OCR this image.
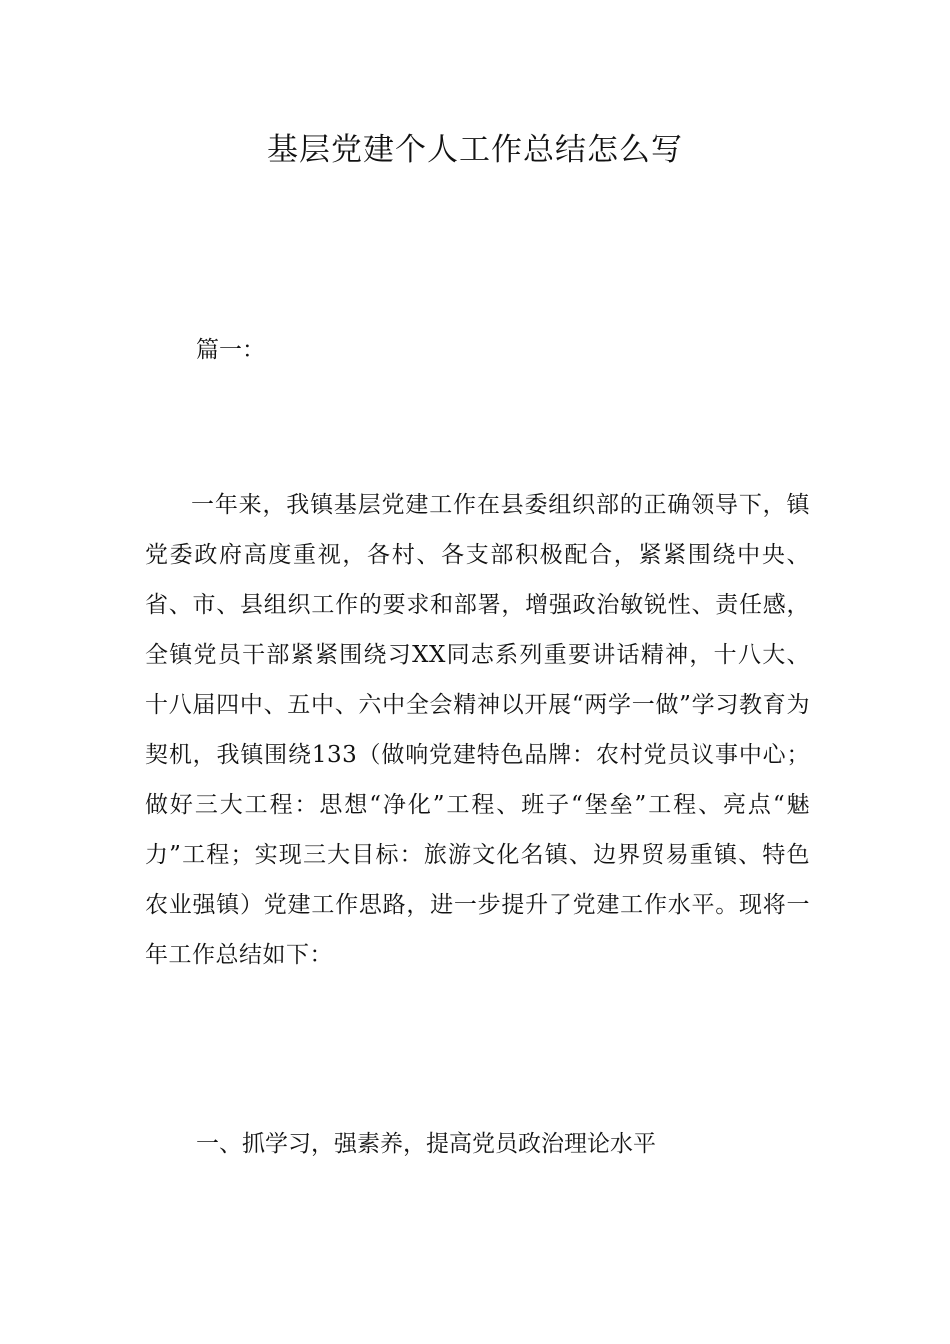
基层党建个人工作总结怎么写

篇一：

一年来，我镇基层党建工作在县委组织部的正确领导下，镇党委政府高度重视，各村、各支部积极配合，紧紧围绕中央、省、市、县组织工作的要求和部署，增强政治敏锐性、责任感，全镇党员干部紧紧围绕习XX同志系列重要讲话精神，十八大、十八届四中、五中、六中全会精神以开展“两学一做”学习教育为契机，我镇围绕133（做响党建特色品牌：农村党员议事中心；做好三大工程：思想“净化”工程、班子“堡垒”工程、亮点“魅力”工程；实现三大目标：旅游文化名镇、边界贸易重镇、特色农业强镇）党建工作思路，进一步提升了党建工作水平。现将一年工作总结如下：

一、抓学习，强素养，提高党员政治理论水平
